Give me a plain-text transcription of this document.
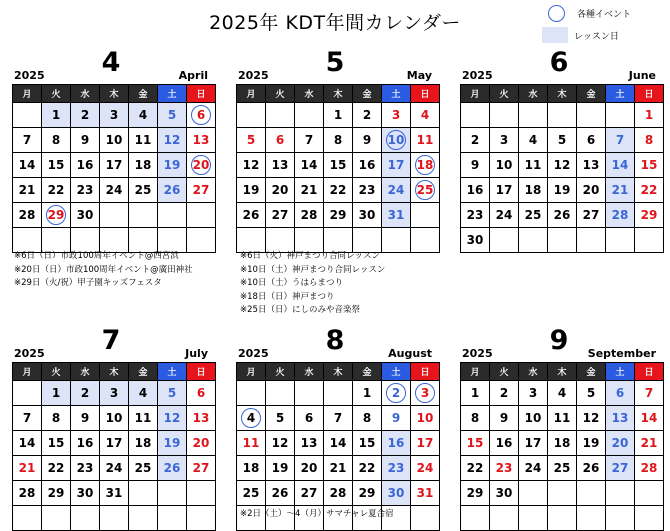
2025年 KDT年間カレンダー	各種イベント
レッスン日
2025	4	April
月	火	水	木	金	土	日
	1	2	3	4	5	6
7	8	9	10	11	12	13
14	15	16	17	18	19	20
21	22	23	24	25	26	27
28	29	30				

※6日（日）市政100周年イベント@西宮浜
※20日（日）市政100周年イベント@廣田神社
※29日（火/祝）甲子園キッズフェスタ
2025	5	May
月	火	水	木	金	土	日
			1	2	3	4
5	6	7	8	9	10	11
12	13	14	15	16	17	18
19	20	21	22	23	24	25
26	27	28	29	30	31	

※6日（火）神戸まつり合同レッスン
※10日（土）神戸まつり合同レッスン
※10日（土）うはらまつり
※18日（日）神戸まつり
※25日（日）にしのみや音楽祭
2025	6	June
月	火	水	木	金	土	日
						1
2	3	4	5	6	7	8
9	10	11	12	13	14	15
16	17	18	19	20	21	22
23	24	25	26	27	28	29
30						
2025	7	July
月	火	水	木	金	土	日
	1	2	3	4	5	6
7	8	9	10	11	12	13
14	15	16	17	18	19	20
21	22	23	24	25	26	27
28	29	30	31			

2025	8	August
月	火	水	木	金	土	日
				1	2	3
4	5	6	7	8	9	10
11	12	13	14	15	16	17
18	19	20	21	22	23	24
25	26	27	28	29	30	31

※2日（土）～4（月）サマチャレ夏合宿
2025	9	September
月	火	水	木	金	土	日
1	2	3	4	5	6	7
8	9	10	11	12	13	14
15	16	17	18	19	20	21
22	23	24	25	26	27	28
29	30					
